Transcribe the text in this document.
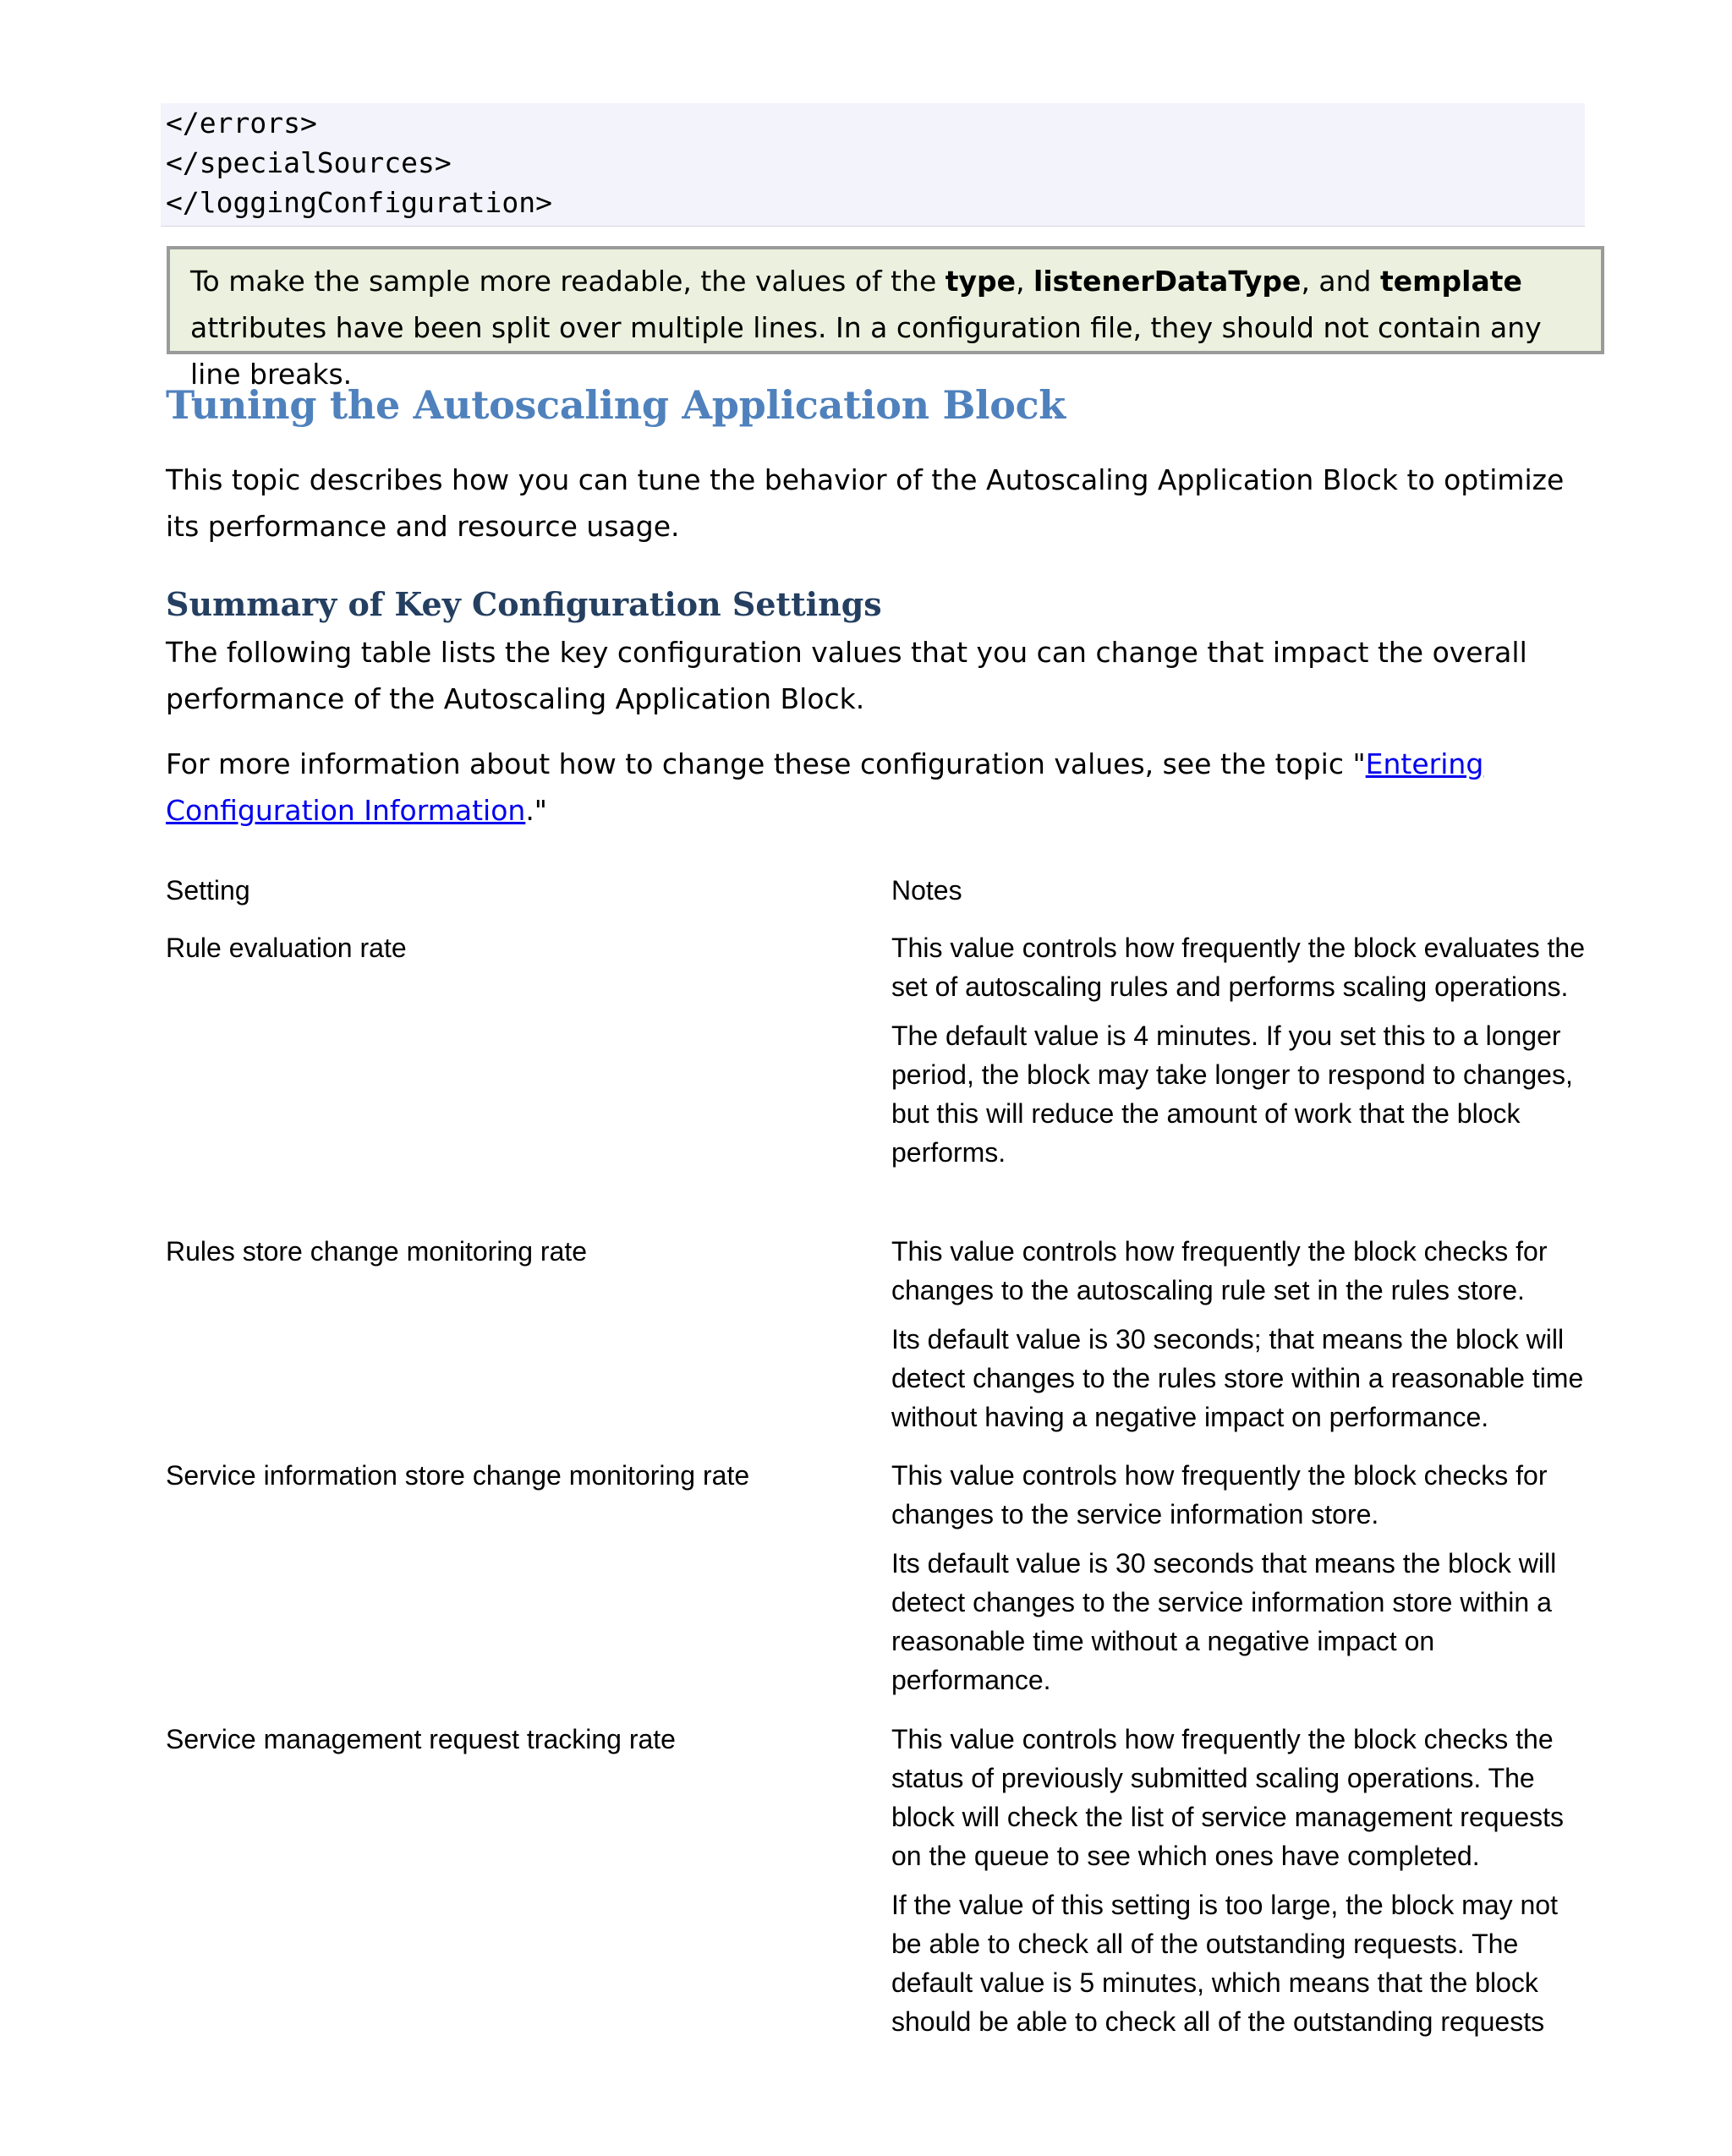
</errors>
</specialSources>
</loggingConfiguration>
To make the sample more readable, the values of the type, listenerDataType, and template attributes have been split over multiple lines. In a configuration file, they should not contain any line breaks.
Tuning the Autoscaling Application Block

This topic describes how you can tune the behavior of the Autoscaling Application Block to optimize its performance and resource usage.

Summary of Key Configuration Settings

The following table lists the key configuration values that you can change that impact the overall performance of the Autoscaling Application Block.

For more information about how to change these configuration values, see the topic "Entering Configuration Information."

Setting	Notes
Rule evaluation rate	This value controls how frequently the block evaluates the set of autoscaling rules and performs scaling operations.

The default value is 4 minutes. If you set this to a longer period, the block may take longer to respond to changes, but this will reduce the amount of work that the block performs.

Rules store change monitoring rate	This value controls how frequently the block checks for changes to the autoscaling rule set in the rules store.

Its default value is 30 seconds; that means the block will detect changes to the rules store within a reasonable time without having a negative impact on performance.

Service information store change monitoring rate	This value controls how frequently the block checks for changes to the service information store.

Its default value is 30 seconds that means the block will detect changes to the service information store within a reasonable time without a negative impact on performance.

Service management request tracking rate	This value controls how frequently the block checks the status of previously submitted scaling operations. The block will check the list of service management requests on the queue to see which ones have completed.

If the value of this setting is too large, the block may not be able to check all of the outstanding requests. The default value is 5 minutes, which means that the block should be able to check all of the outstanding requests
